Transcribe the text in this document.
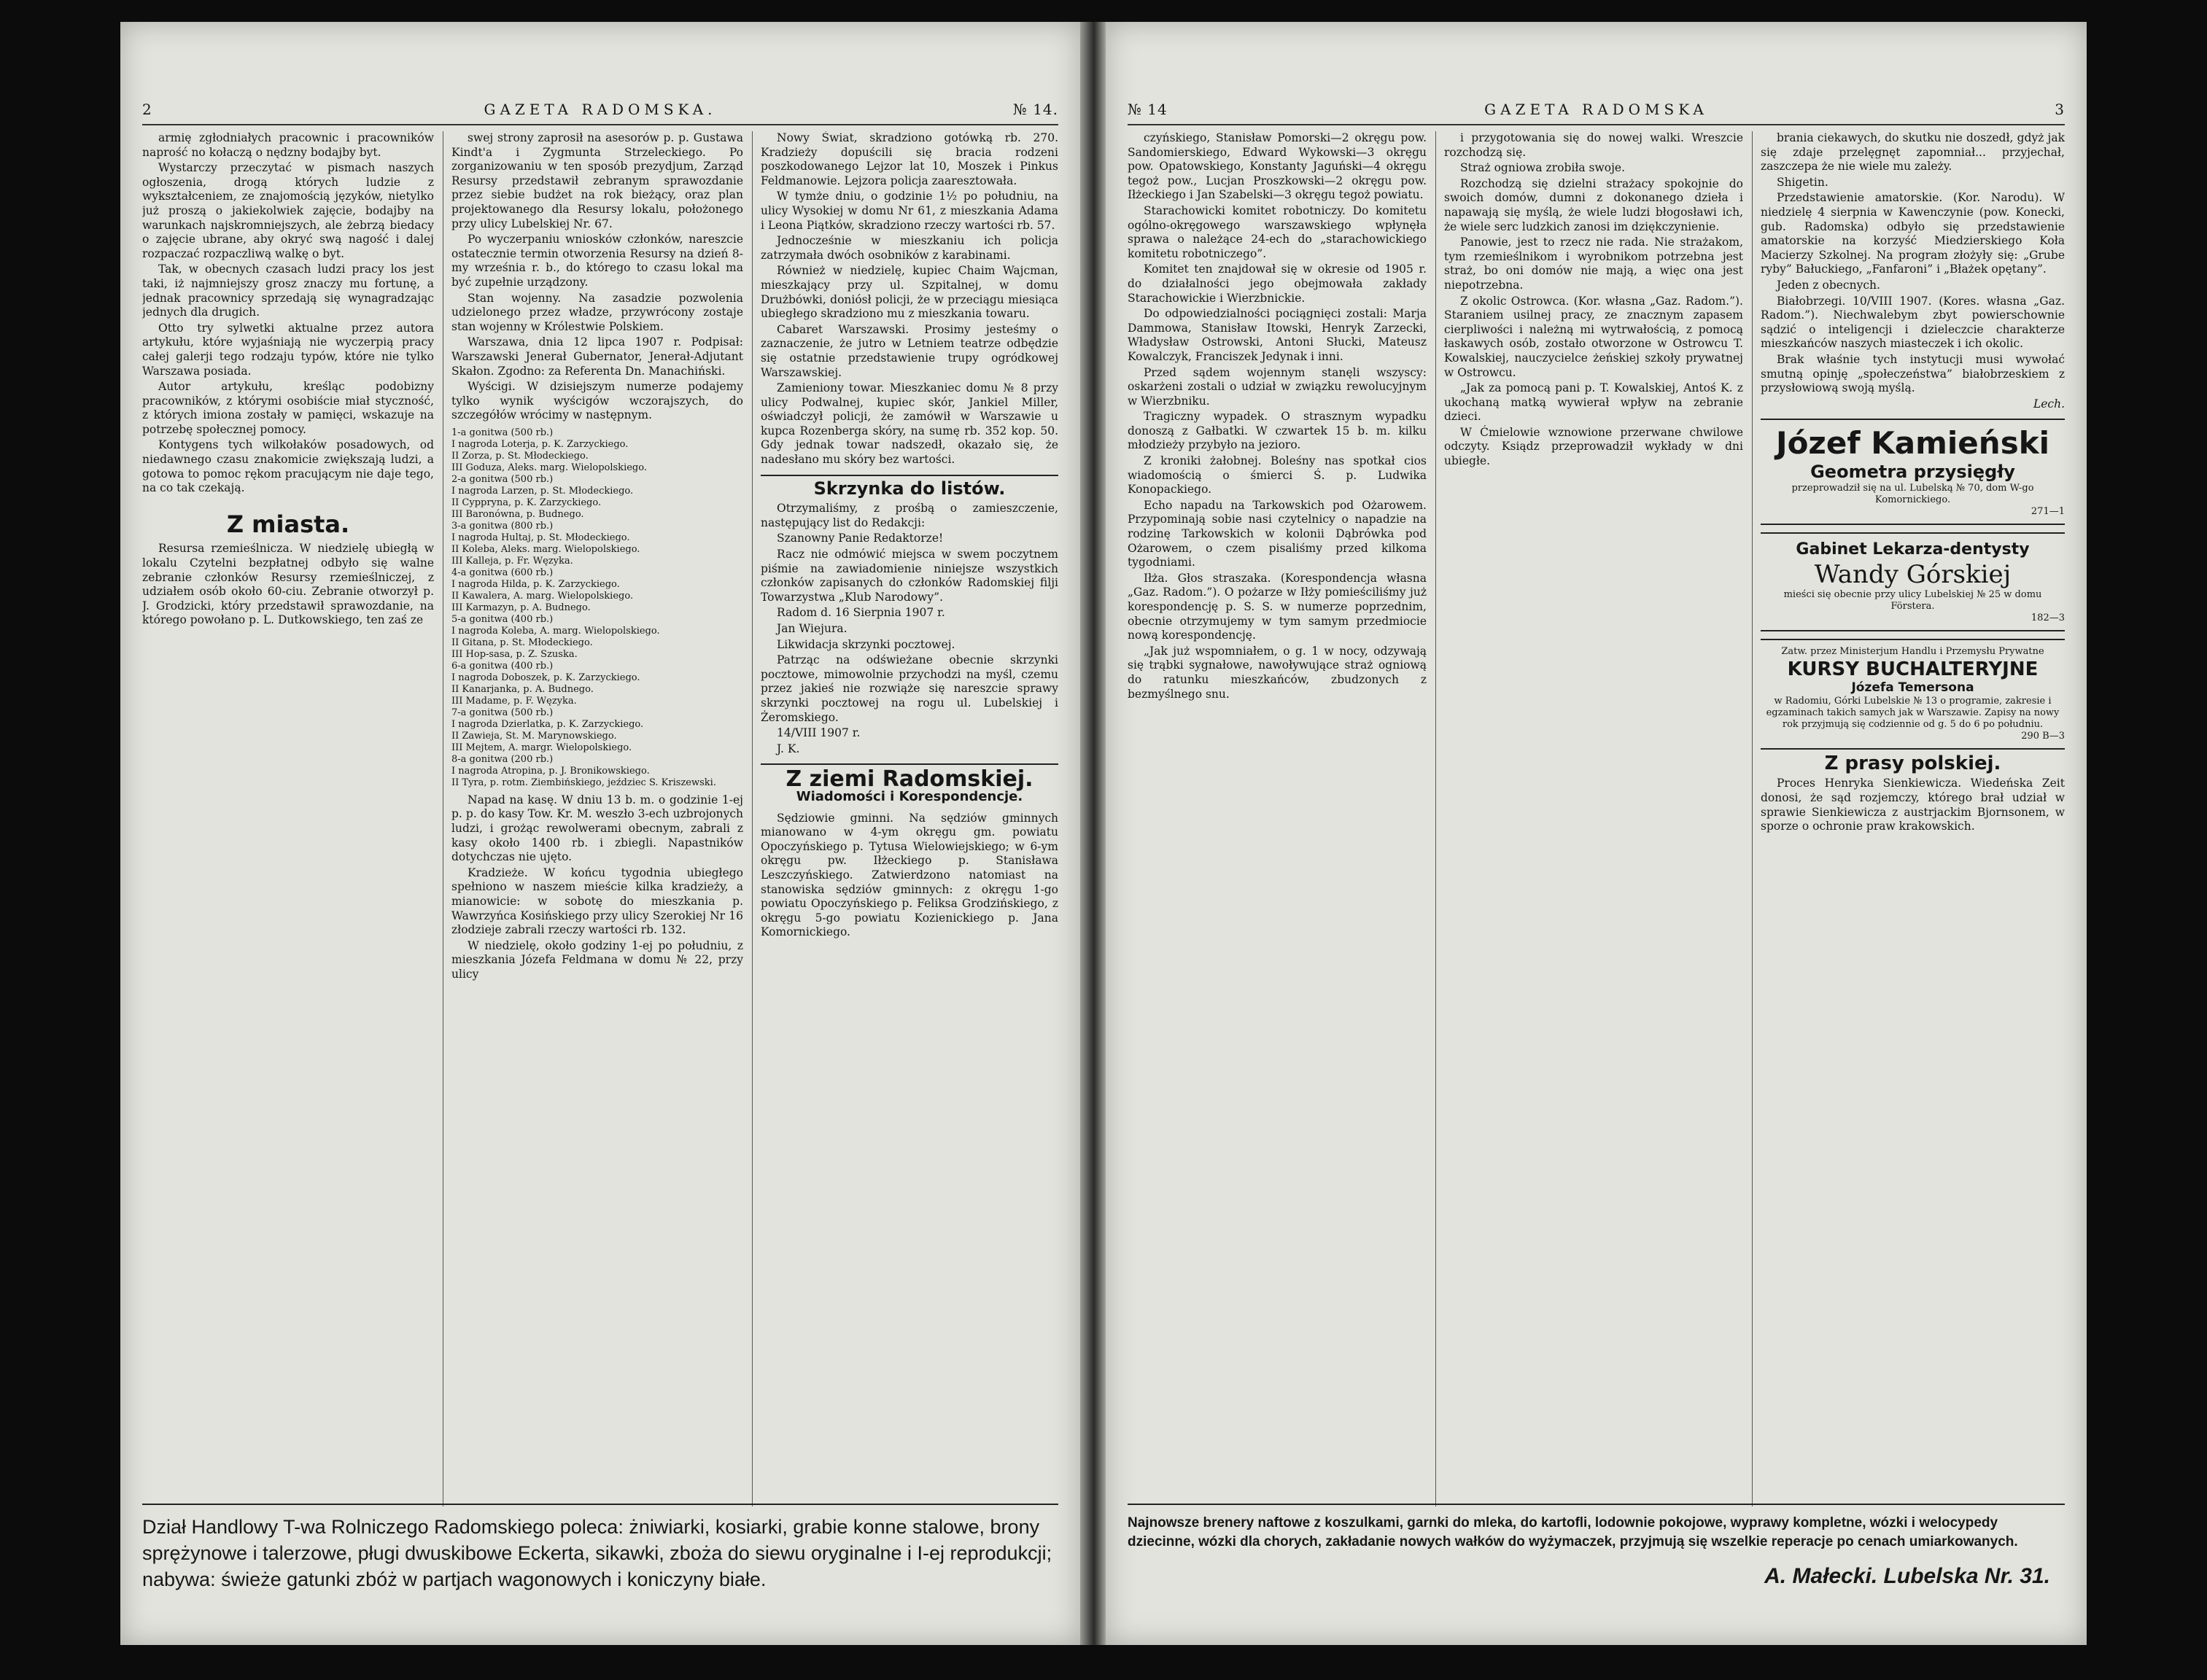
2	GAZETA RADOMSKA.	№ 14.

armię zgłodniałych pracownic i pracowników naprość no kołaczą o nędzny bodajby byt.

Wystarczy przeczytać w pismach naszych ogłoszenia, drogą których ludzie z wykształceniem, ze znajomością języków, nietylko już proszą o jakiekolwiek zajęcie, bodajby na warunkach najskromniejszych, ale żebrzą biedacy o zajęcie ubrane, aby okryć swą nagość i dalej rozpaczać rozpaczliwą walkę o byt.

Tak, w obecnych czasach ludzi pracy los jest taki, iż najmniejszy grosz znaczy mu fortunę, a jednak pracownicy sprzedają się wynagradzając jednych dla drugich.

Otto try sylwetki aktualne przez autora artykułu, które wyjaśniają nie wyczerpią pracy całej galerji tego rodzaju typów, które nie tylko Warszawa posiada.

Autor artykułu, kreśląc podobizny pracowników, z którymi osobiście miał styczność, z których imiona zostały w pamięci, wskazuje na potrzebę społecznej pomocy.

Kontygens tych wilkołaków posadowych, od niedawnego czasu znakomicie zwiększają ludzi, a gotowa to pomoc rękom pracującym nie daje tego, na co tak czekają.

Z miasta.

Resursa rzemieślnicza. W niedzielę ubiegłą w lokalu Czytelni bezpłatnej odbyło się walne zebranie członków Resursy rzemieślniczej, z udziałem osób około 60-ciu. Zebranie otworzył p. J. Grodzicki, który przedstawił sprawozdanie, na którego powołano p. L. Dutkowskiego, ten zaś ze

swej strony zaprosił na asesorów p. p. Gustawa Kindt'a i Zygmunta Strzeleckiego. Po zorganizowaniu w ten sposób prezydjum, Zarząd Resursy przedstawił zebranym sprawozdanie przez siebie budżet na rok bieżący, oraz plan projektowanego dla Resursy lokalu, położonego przy ulicy Lubelskiej Nr. 67.

Po wyczerpaniu wniosków członków, nareszcie ostatecznie termin otworzenia Resursy na dzień 8-my września r. b., do którego to czasu lokal ma być zupełnie urządzony.

Stan wojenny. Na zasadzie pozwolenia udzielonego przez władze, przywrócony zostaje stan wojenny w Królestwie Polskiem.

Warszawa, dnia 12 lipca 1907 r. Podpisał: Warszawski Jenerał Gubernator, Jenerał-Adjutant Skałon. Zgodno: za Referenta Dn. Manachiński.

Wyścigi. W dzisiejszym numerze podajemy tylko wynik wyścigów wczorajszych, do szczegółów wrócimy w następnym.

1-a gonitwa (500 rb.)
I nagroda Loterja, p. K. Zarzyckiego.
II Zorza, p. St. Młodeckiego.
III Goduza, Aleks. marg. Wielopolskiego.
2-a gonitwa (500 rb.)
I nagroda Larzen, p. St. Młodeckiego.
II Cyppryna, p. K. Zarzyckiego.
III Baronówna, p. Budnego.
3-a gonitwa (800 rb.)
I nagroda Hultaj, p. St. Młodeckiego.
II Koleba, Aleks. marg. Wielopolskiego.
III Kalleja, p. Fr. Węzyka.
4-a gonitwa (600 rb.)
I nagroda Hilda, p. K. Zarzyckiego.
II Kawalera, A. marg. Wielopolskiego.
III Karmazyn, p. A. Budnego.
5-a gonitwa (400 rb.)
I nagroda Koleba, A. marg. Wielopolskiego.
II Gitana, p. St. Młodeckiego.
III Hop-sasa, p. Z. Szuska.
6-a gonitwa (400 rb.)
I nagroda Doboszek, p. K. Zarzyckiego.
II Kanarjanka, p. A. Budnego.
III Madame, p. F. Węzyka.
7-a gonitwa (500 rb.)
I nagroda Dzierlatka, p. K. Zarzyckiego.
II Zawieja, St. M. Marynowskiego.
III Mejtem, A. margr. Wielopolskiego.
8-a gonitwa (200 rb.)
I nagroda Atropina, p. J. Bronikowskiego.
II Tyra, p. rotm. Ziembińskiego, jeździec S. Kriszewski.

Napad na kasę. W dniu 13 b. m. o godzinie 1-ej p. p. do kasy Tow. Kr. M. weszło 3-ech uzbrojonych ludzi, i grożąc rewolwerami obecnym, zabrali z kasy około 1400 rb. i zbiegli. Napastników dotychczas nie ujęto.

Kradzieże. W końcu tygodnia ubiegłego spełniono w naszem mieście kilka kradzieży, a mianowicie: w sobotę do mieszkania p. Wawrzyńca Kosińskiego przy ulicy Szerokiej Nr 16 złodzieje zabrali rzeczy wartości rb. 132.

W niedzielę, około godziny 1-ej po południu, z mieszkania Józefa Feldmana w domu № 22, przy ulicy

Nowy Świat, skradziono gotówką rb. 270. Kradzieży dopuścili się bracia rodzeni poszkodowanego Lejzor lat 10, Moszek i Pinkus Feldmanowie. Lejzora policja zaaresztowała.

W tymże dniu, o godzinie 1½ po południu, na ulicy Wysokiej w domu Nr 61, z mieszkania Adama i Leona Piątków, skradziono rzeczy wartości rb. 57.

Jednocześnie w mieszkaniu ich policja zatrzymała dwóch osobników z karabinami.

Również w niedzielę, kupiec Chaim Wajcman, mieszkający przy ul. Szpitalnej, w domu Drużbówki, doniósł policji, że w przeciągu miesiąca ubiegłego skradziono mu z mieszkania towaru.

Cabaret Warszawski. Prosimy jesteśmy o zaznaczenie, że jutro w Letniem teatrze odbędzie się ostatnie przedstawienie trupy ogródkowej Warszawskiej.

Zamieniony towar. Mieszkaniec domu № 8 przy ulicy Podwalnej, kupiec skór, Jankiel Miller, oświadczył policji, że zamówił w Warszawie u kupca Rozenberga skóry, na sumę rb. 352 kop. 50. Gdy jednak towar nadszedł, okazało się, że nadesłano mu skóry bez wartości.

Skrzynka do listów.

Otrzymaliśmy, z prośbą o zamieszczenie, następujący list do Redakcji:

Szanowny Panie Redaktorze!

Racz nie odmówić miejsca w swem poczytnem piśmie na zawiadomienie niniejsze wszystkich członków zapisanych do członków Radomskiej filji Towarzystwa „Klub Narodowy”.

Radom d. 16 Sierpnia 1907 r.

Jan Wiejura.

Likwidacja skrzynki pocztowej.

Patrząc na odświeżane obecnie skrzynki pocztowe, mimowolnie przychodzi na myśl, czemu przez jakieś nie rozwiąże się nareszcie sprawy skrzynki pocztowej na rogu ul. Lubelskiej i Żeromskiego.

14/VIII 1907 r.

J. K.

Z ziemi Radomskiej.
Wiadomości i Korespondencje.

Sędziowie gminni. Na sędziów gminnych mianowano w 4-ym okręgu gm. powiatu Opoczyńskiego p. Tytusa Wielowiejskiego; w 6-ym okręgu pw. Iłżeckiego p. Stanisława Leszczyńskiego. Zatwierdzono natomiast na stanowiska sędziów gminnych: z okręgu 1-go powiatu Opoczyńskiego p. Feliksa Grodzińskiego, z okręgu 5-go powiatu Kozienickiego p. Jana Komornickiego.

Dział Handlowy T-wa Rolniczego Radomskiego poleca: żniwiarki, kosiarki, grabie konne stalowe, brony sprężynowe i talerzowe, pługi dwuskibowe Eckerta, sikawki, zboża do siewu oryginalne i I-ej reprodukcji; nabywa: świeże gatunki zbóż w partjach wagonowych i koniczyny białe.
№ 14	GAZETA RADOMSKA	3

czyńskiego, Stanisław Pomorski—2 okręgu pow. Sandomierskiego, Edward Wykowski—3 okręgu pow. Opatowskiego, Konstanty Jaguński—4 okręgu tegoż pow., Lucjan Proszkowski—2 okręgu pow. Iłżeckiego i Jan Szabelski—3 okręgu tegoż powiatu.

Starachowicki komitet robotniczy. Do komitetu ogólno-okręgowego warszawskiego wpłynęła sprawa o należące 24-ech do „starachowickiego komitetu robotniczego”.

Komitet ten znajdował się w okresie od 1905 r. do działalności jego obejmowała zakłady Starachowickie i Wierzbnickie.

Do odpowiedzialności pociągnięci zostali: Marja Dammowa, Stanisław Itowski, Henryk Zarzecki, Władysław Ostrowski, Antoni Słucki, Mateusz Kowalczyk, Franciszek Jedynak i inni.

Przed sądem wojennym stanęli wszyscy: oskarżeni zostali o udział w związku rewolucyjnym w Wierzbniku.

Tragiczny wypadek. O strasznym wypadku donoszą z Gałbatki. W czwartek 15 b. m. kilku młodzieży przybyło na jezioro.

Z kroniki żałobnej. Boleśny nas spotkał cios wiadomością o śmierci Ś. p. Ludwika Konopackiego.

Echo napadu na Tarkowskich pod Ożarowem. Przypominają sobie nasi czytelnicy o napadzie na rodzinę Tarkowskich w kolonii Dąbrówka pod Ożarowem, o czem pisaliśmy przed kilkoma tygodniami.

Iłża. Głos straszaka. (Korespondencja własna „Gaz. Radom.”). O pożarze w Iłży pomieściliśmy już korespondencję p. S. S. w numerze poprzednim, obecnie otrzymujemy w tym samym przedmiocie nową korespondencję.

„Jak już wspomniałem, o g. 1 w nocy, odzywają się trąbki sygnałowe, nawoływujące straż ogniową do ratunku mieszkańców, zbudzonych z bezmyślnego snu.

i przygotowania się do nowej walki. Wreszcie rozchodzą się.

Straż ogniowa zrobiła swoje.

Rozchodzą się dzielni strażacy spokojnie do swoich domów, dumni z dokonanego dzieła i napawają się myślą, że wiele ludzi błogosławi ich, że wiele serc ludzkich zanosi im dziękczynienie.

Panowie, jest to rzecz nie rada. Nie strażakom, tym rzemieślnikom i wyrobnikom potrzebna jest straż, bo oni domów nie mają, a więc ona jest niepotrzebna.

Z okolic Ostrowca. (Kor. własna „Gaz. Radom.”). Staraniem usilnej pracy, ze znacznym zapasem cierpliwości i należną mi wytrwałością, z pomocą łaskawych osób, zostało otworzone w Ostrowcu T. Kowalskiej, nauczycielce żeńskiej szkoły prywatnej w Ostrowcu.

„Jak za pomocą pani p. T. Kowalskiej, Antoś K. z ukochaną matką wywierał wpływ na zebranie dzieci.

W Ćmielowie wznowione przerwane chwilowe odczyty. Ksiądz przeprowadził wykłady w dni ubiegłe.

brania ciekawych, do skutku nie doszedł, gdyż jak się zdaje przelęgnęt zapomniał... przyjechał, zaszczepa że nie wiele mu zależy.

Shigetin.

Przedstawienie amatorskie. (Kor. Narodu). W niedzielę 4 sierpnia w Kawenczynie (pow. Konecki, gub. Radomska) odbyło się przedstawienie amatorskie na korzyść Miedzierskiego Koła Macierzy Szkolnej. Na program złożyły się: „Grube ryby” Bałuckiego, „Fanfaroni” i „Błażek opętany”.

Jeden z obecnych.

Białobrzegi. 10/VIII 1907. (Kores. własna „Gaz. Radom.”). Niechwalebym zbyt powierschownie sądzić o inteligencji i dzieleczcie charakterze mieszkańców naszych miasteczek i ich okolic.

Brak właśnie tych instytucji musi wywołać smutną opinję „społeczeństwa” białobrzeskiem z przysłowiową swoją myślą.

Lech.
Józef Kamieński
Geometra przysięgły
przeprowadził się na ul. Lubelską № 70, dom W-go Komornickiego.
271—1
Gabinet Lekarza-dentysty
Wandy Górskiej
mieści się obecnie przy ulicy Lubelskiej № 25 w domu Förstera.
182—3
Zatw. przez Ministerjum Handlu i Przemysłu Prywatne
KURSY BUCHALTERYJNE
Józefa Temersona
w Radomiu, Górki Lubelskie № 13 o programie, zakresie i egzaminach takich samych jak w Warszawie. Zapisy na nowy rok przyjmują się codziennie od g. 5 do 6 po południu.
290 B—3
Z prasy polskiej.

Proces Henryka Sienkiewicza. Wiedeńska Zeit donosi, że sąd rozjemczy, którego brał udział w sprawie Sienkiewicza z austrjackim Bjornsonem, w sporze o ochronie praw krakowskich.

Najnowsze brenery naftowe z koszulkami, garnki do mleka, do kartofli, lodownie pokojowe, wyprawy kompletne, wózki i welocypedy dziecinne, wózki dla chorych, zakładanie nowych wałków do wyżymaczek, przyjmują się wszelkie reperacje po cenach umiarkowanych.
A. Małecki. Lubelska Nr. 31.
